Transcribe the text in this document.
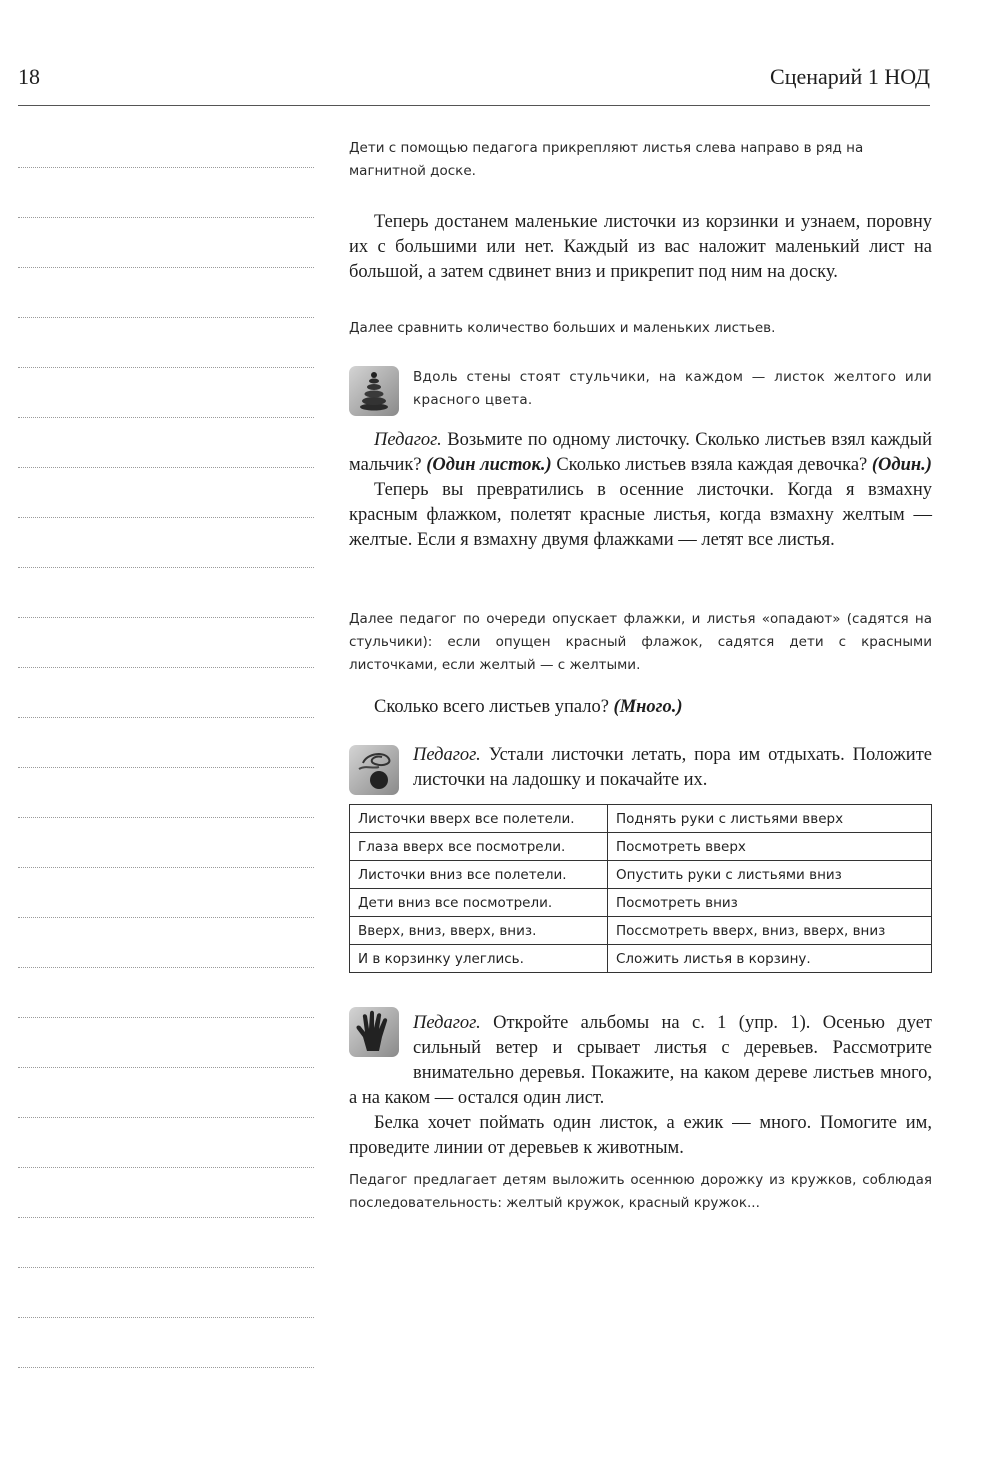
18	Сценарий 1 НОД
Дети с помощью педагога прикрепляют листья слева направо в ряд на магнитной доске.

Теперь достанем маленькие листочки из корзинки и узнаем, поровну их с большими или нет. Каждый из вас наложит маленький лист на большой, а затем сдвинет вниз и прикрепит под ним на доску.

Далее сравнить количество больших и маленьких листьев.
Вдоль стены стоят стульчики, на каждом — листок желтого или красного цвета.

Педагог. Возьмите по одному листочку. Сколько листьев взял каждый мальчик? (Один листок.) Сколько листьев взяла каждая девочка? (Один.)

Теперь вы превратились в осенние листочки. Когда я взмахну красным флажком, полетят красные листья, когда взмахну желтым — желтые. Если я взмахну двумя флажками — летят все листья.

Далее педагог по очереди опускает флажки, и листья «опадают» (садятся на стульчики): если опущен красный флажок, садятся дети с красными листочками, если желтый — с желтыми.

Сколько всего листьев упало? (Много.)

Педагог. Устали листочки летать, пора им отдыхать. Положите листочки на ладошку и покачайте их.

Листочки вверх все полетели.	Поднять руки с листьями вверх
Глаза вверх все посмотрели.	Посмотреть вверх
Листочки вниз все полетели.	Опустить руки с листьями вниз
Дети вниз все посмотрели.	Посмотреть вниз
Вверх, вниз, вверх, вниз.	Поссмотреть вверх, вниз, вверх, вниз
И в корзинку улеглись.	Сложить листья в корзину.

Педагог. Откройте альбомы на с. 1 (упр. 1). Осенью дует сильный ветер и срывает листья с деревьев. Рассмотрите внимательно деревья. Покажите, на каком дереве листьев много, а на каком — остался один лист.

Белка хочет поймать один листок, а ежик — много. Помогите им, проведите линии от деревьев к животным.

Педагог предлагает детям выложить осеннюю дорожку из кружков, соблюдая последовательность: желтый кружок, красный кружок...
